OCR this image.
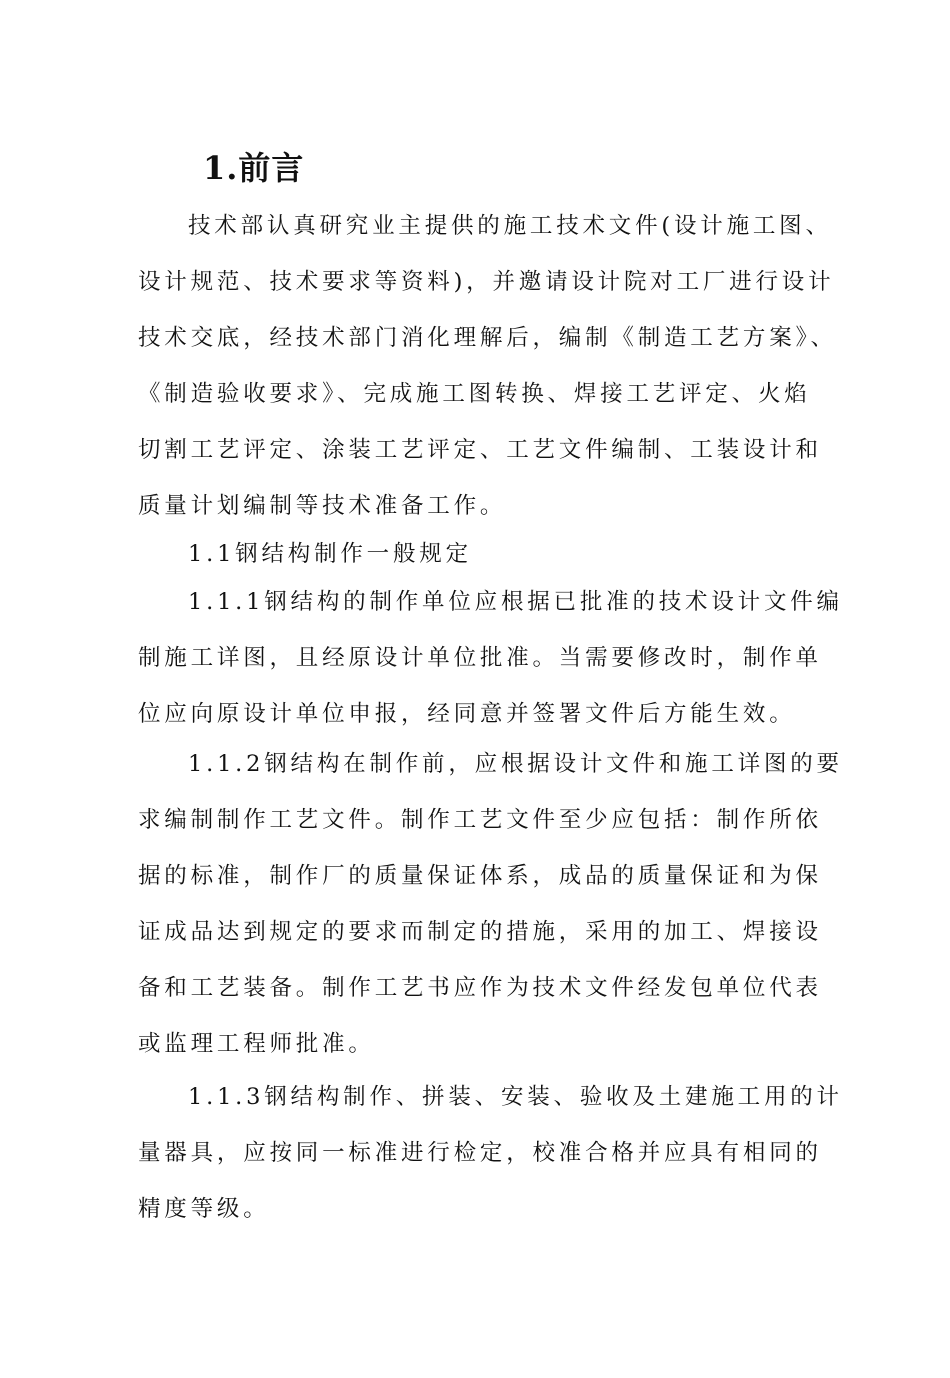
1.前言
技术部认真研究业主提供的施工技术文件(设计施工图、
设计规范、技术要求等资料)，并邀请设计院对工厂进行设计
技术交底，经技术部门消化理解后，编制《制造工艺方案》、
《制造验收要求》、完成施工图转换、焊接工艺评定、火焰
切割工艺评定、涂装工艺评定、工艺文件编制、工装设计和
质量计划编制等技术准备工作。
1.1钢结构制作一般规定
1.1.1钢结构的制作单位应根据已批准的技术设计文件编
制施工详图，且经原设计单位批准。当需要修改时，制作单
位应向原设计单位申报，经同意并签署文件后方能生效。
1.1.2钢结构在制作前，应根据设计文件和施工详图的要
求编制制作工艺文件。制作工艺文件至少应包括：制作所依
据的标准，制作厂的质量保证体系，成品的质量保证和为保
证成品达到规定的要求而制定的措施，采用的加工、焊接设
备和工艺装备。制作工艺书应作为技术文件经发包单位代表
或监理工程师批准。
1.1.3钢结构制作、拼装、安装、验收及土建施工用的计
量器具，应按同一标准进行检定，校准合格并应具有相同的
精度等级。
